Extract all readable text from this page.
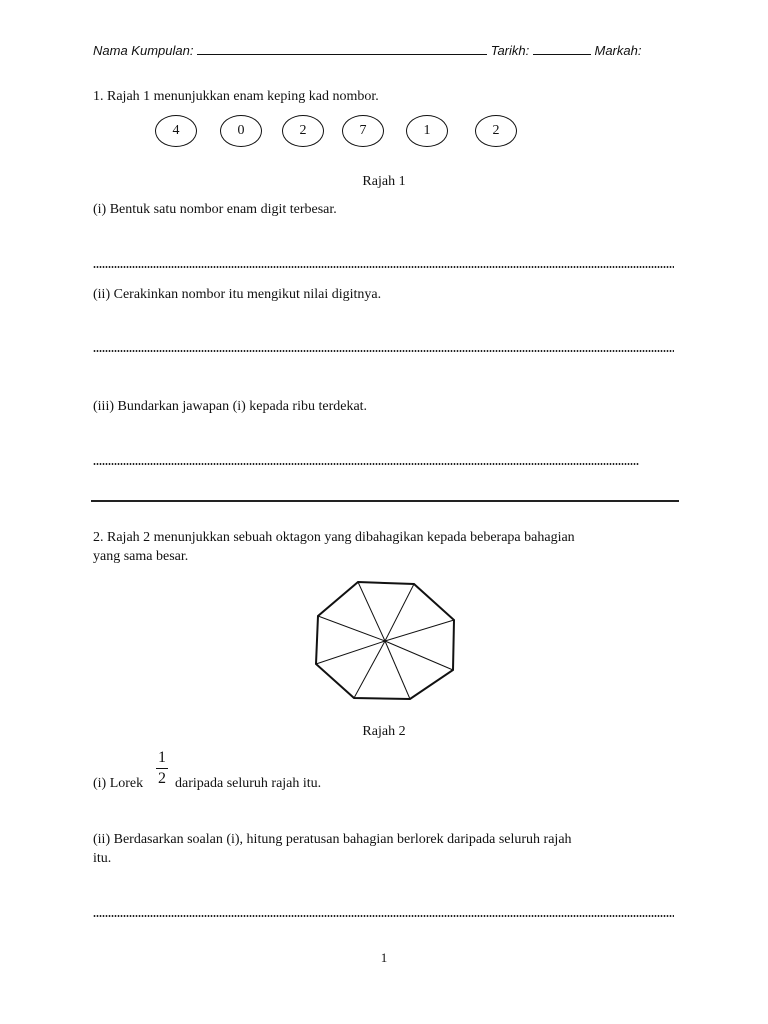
Nama Kumpulan:	Tarikh:	Markah:
1. Rajah 1 menunjukkan enam keping kad nombor.
4	0	2	7	1	2
Rajah 1
(i) Bentuk satu nombor enam digit terbesar.
(ii) Cerakinkan nombor itu mengikut nilai digitnya.
(iii) Bundarkan jawapan (i) kepada ribu terdekat.
2. Rajah 2 menunjukkan sebuah oktagon yang dibahagikan kepada beberapa bahagian
yang sama besar.
Rajah 2
(i) Lorek
1
2 daripada seluruh rajah itu.
(ii) Berdasarkan soalan (i), hitung peratusan bahagian berlorek daripada seluruh rajah
itu.
1
